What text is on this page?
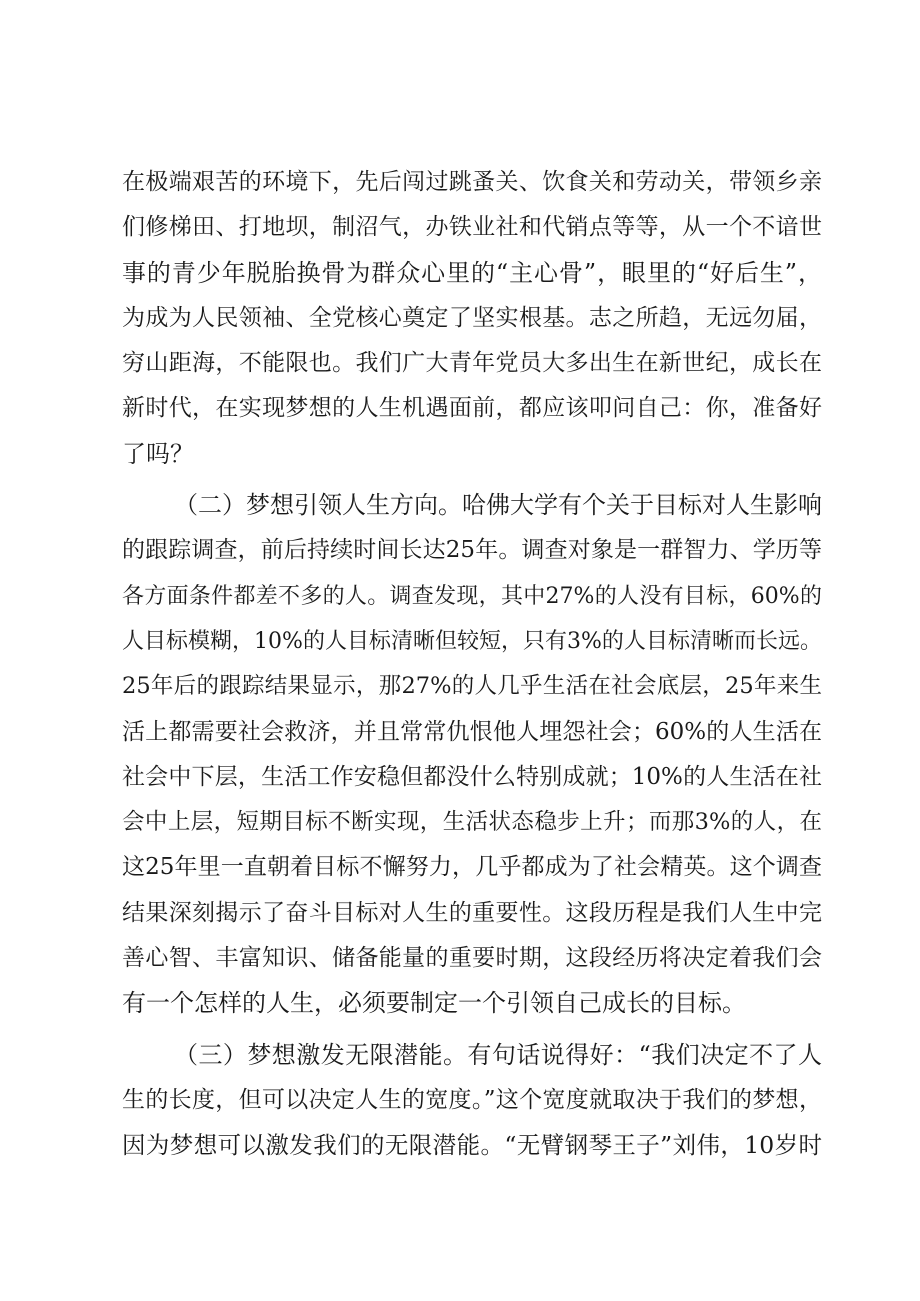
在极端艰苦的环境下，先后闯过跳蚤关、饮食关和劳动关，带领乡亲
们修梯田、打地坝，制沼气，办铁业社和代销点等等，从一个不谙世
事的青少年脱胎换骨为群众心里的“主心骨”，眼里的“好后生”，
为成为人民领袖、全党核心奠定了坚实根基。志之所趋，无远勿届，
穷山距海，不能限也。我们广大青年党员大多出生在新世纪，成长在
新时代，在实现梦想的人生机遇面前，都应该叩问自己：你，准备好
了吗？
（二）梦想引领人生方向。哈佛大学有个关于目标对人生影响
的跟踪调查，前后持续时间长达25年。调查对象是一群智力、学历等
各方面条件都差不多的人。调查发现，其中27%的人没有目标，60%的
人目标模糊，10%的人目标清晰但较短，只有3%的人目标清晰而长远。
25年后的跟踪结果显示，那27%的人几乎生活在社会底层，25年来生
活上都需要社会救济，并且常常仇恨他人埋怨社会；60%的人生活在
社会中下层，生活工作安稳但都没什么特别成就；10%的人生活在社
会中上层，短期目标不断实现，生活状态稳步上升；而那3%的人，在
这25年里一直朝着目标不懈努力，几乎都成为了社会精英。这个调查
结果深刻揭示了奋斗目标对人生的重要性。这段历程是我们人生中完
善心智、丰富知识、储备能量的重要时期，这段经历将决定着我们会
有一个怎样的人生，必须要制定一个引领自己成长的目标。
（三）梦想激发无限潜能。有句话说得好：“我们决定不了人
生的长度，但可以决定人生的宽度。”这个宽度就取决于我们的梦想，
因为梦想可以激发我们的无限潜能。“无臂钢琴王子”刘伟，10岁时
